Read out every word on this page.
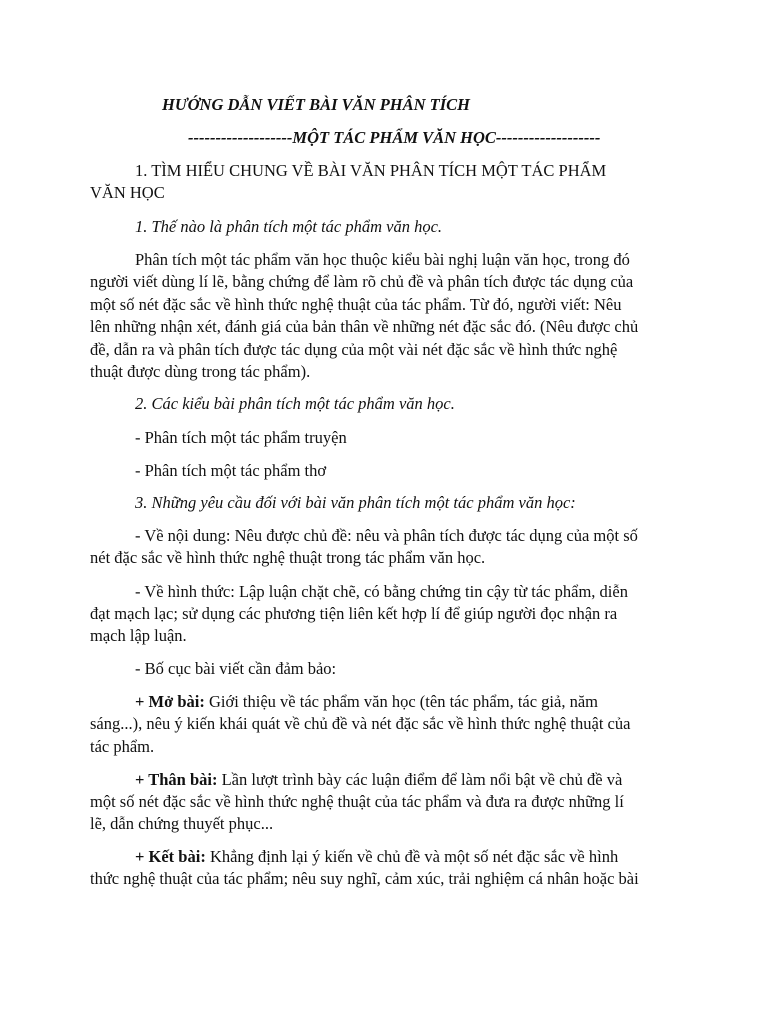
HƯỚNG DẪN VIẾT BÀI VĂN PHÂN TÍCH
-------------------MỘT TÁC PHẨM VĂN HỌC-------------------
1. TÌM HIỂU CHUNG VỀ BÀI VĂN PHÂN TÍCH MỘT TÁC PHẨM
VĂN HỌC
1. Thế nào là phân tích một tác phẩm văn học.
Phân tích một tác phẩm văn học thuộc kiểu bài nghị luận văn học, trong đó
người viết dùng lí lẽ, bằng chứng để làm rõ chủ đề và phân tích được tác dụng của
một số nét đặc sắc về hình thức nghệ thuật của tác phẩm. Từ đó, người viết: Nêu
lên những nhận xét, đánh giá của bản thân về những nét đặc sắc đó. (Nêu được chủ
đề, dẫn ra và phân tích được tác dụng của một vài nét đặc sắc về hình thức nghệ
thuật được dùng trong tác phẩm).
2. Các kiểu bài phân tích một tác phẩm văn học.
- Phân tích một tác phẩm truyện
- Phân tích một tác phẩm thơ
3. Những yêu cầu đối với bài văn phân tích một tác phẩm văn học:
- Về nội dung: Nêu được chủ đề: nêu và phân tích được tác dụng của một số
nét đặc sắc về hình thức nghệ thuật trong tác phẩm văn học.
- Về hình thức: Lập luận chặt chẽ, có bằng chứng tin cậy từ tác phẩm, diễn
đạt mạch lạc; sử dụng các phương tiện liên kết hợp lí để giúp người đọc nhận ra
mạch lập luận.
- Bố cục bài viết cần đảm bảo:
+ Mở bài: Giới thiệu về tác phẩm văn học (tên tác phẩm, tác giả, năm
sáng...), nêu ý kiến khái quát về chủ đề và nét đặc sắc về hình thức nghệ thuật của
tác phẩm.
+ Thân bài: Lần lượt trình bày các luận điểm để làm nổi bật về chủ đề và
một số nét đặc sắc về hình thức nghệ thuật của tác phẩm và đưa ra được những lí
lẽ, dẫn chứng thuyết phục...
+ Kết bài: Khẳng định lại ý kiến về chủ đề và một số nét đặc sắc về hình
thức nghệ thuật của tác phẩm; nêu suy nghĩ, cảm xúc, trải nghiệm cá nhân hoặc bài
